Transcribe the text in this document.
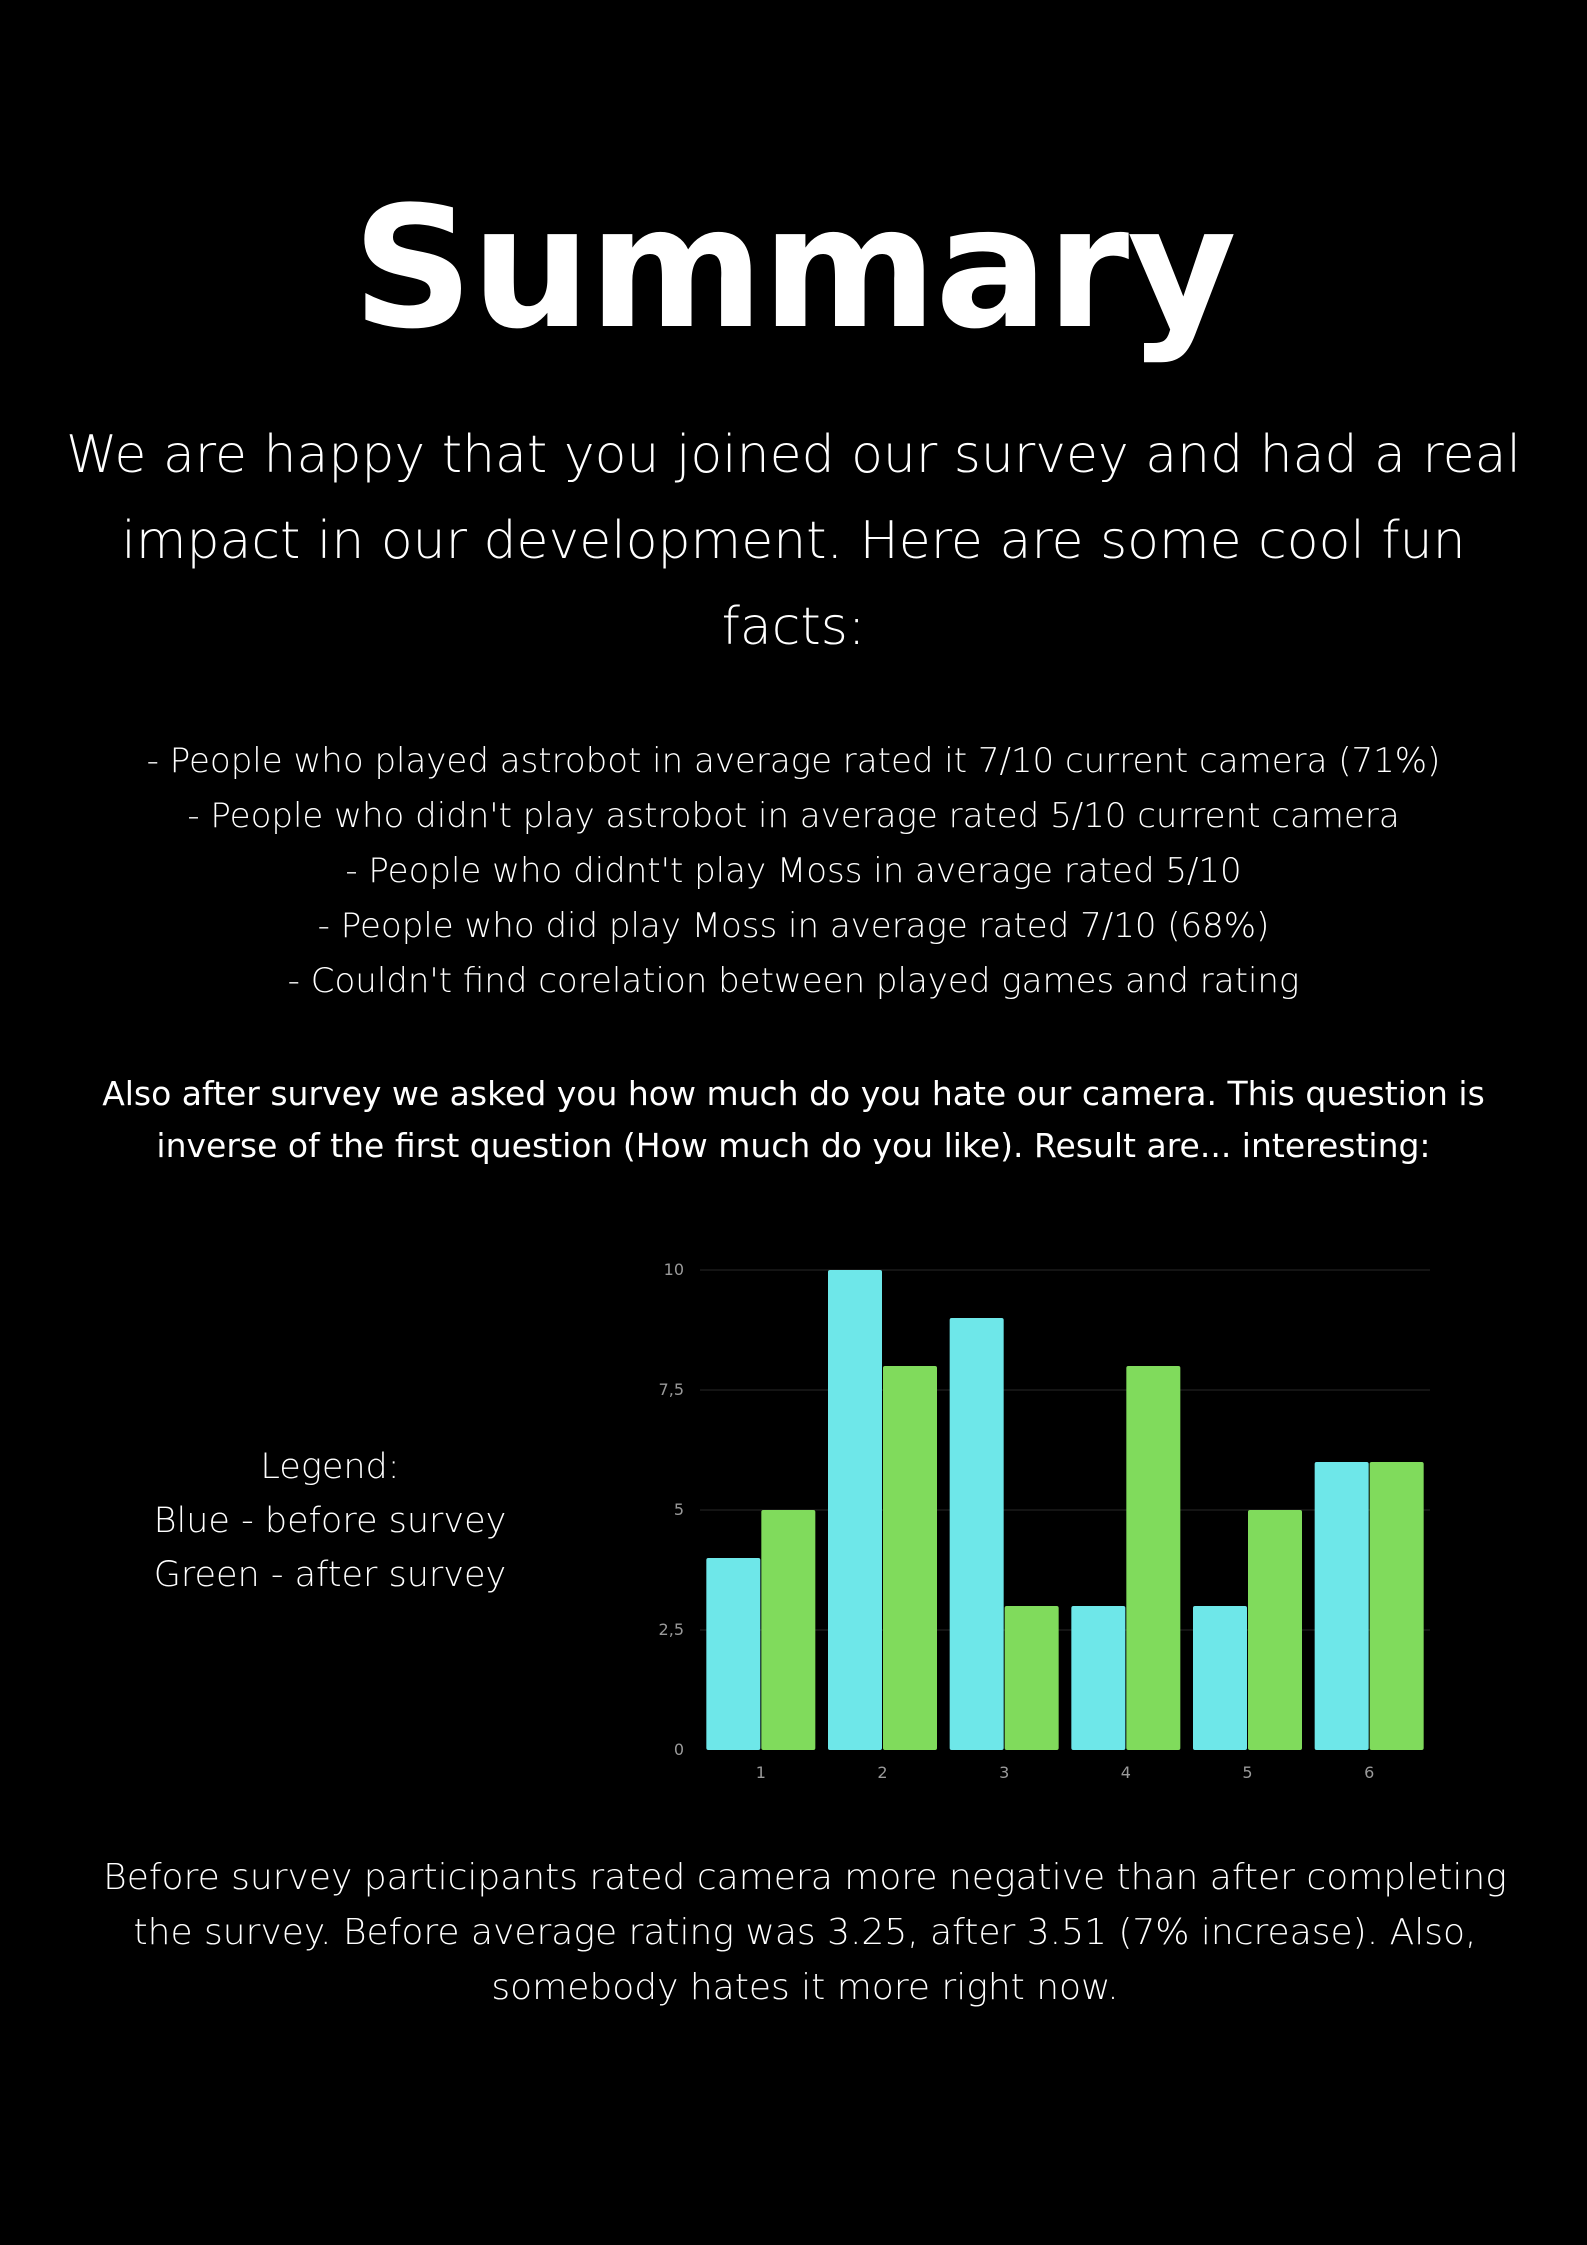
Summary

We are happy that you joined our survey and had a real impact in our development. Here are some cool fun facts:

- People who played astrobot in average rated it 7/10 current camera (71%)
- People who didn't play astrobot in average rated 5/10 current camera
- People who didnt't play Moss in average rated 5/10
- People who did play Moss in average rated 7/10 (68%)
- Couldn't find corelation between played games and rating

Also after survey we asked you how much do you hate our camera. This question is inverse of the first question (How much do you like). Result are... interesting:

Legend:
Blue - before survey
Green - after survey
0
2,5
5
7,5
10
1	2	3	4	5	6

Before survey participants rated camera more negative than after completing the survey. Before average rating was 3.25, after 3.51 (7% increase). Also, somebody hates it more right now.
